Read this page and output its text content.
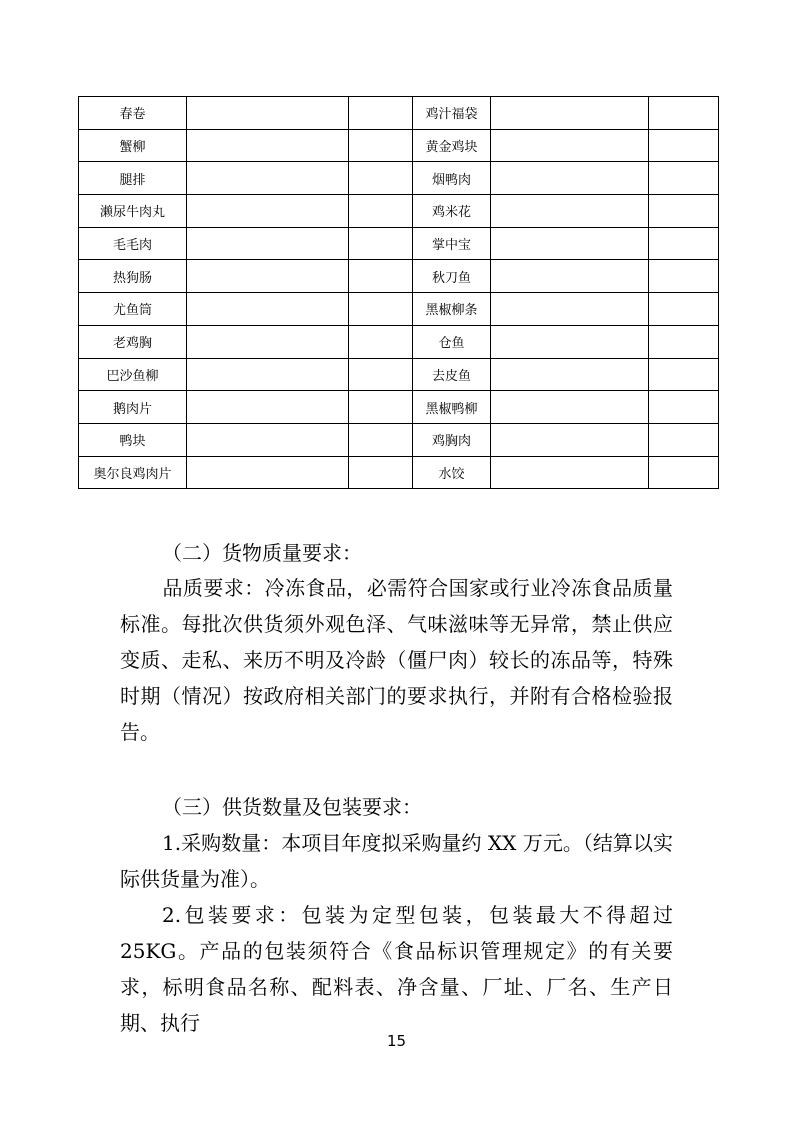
春卷			鸡汁福袋		
蟹柳			黄金鸡块		
腿排			烟鸭肉		
濑尿牛肉丸			鸡米花		
毛毛肉			掌中宝		
热狗肠			秋刀鱼		
尤鱼筒			黑椒柳条		
老鸡胸			仓鱼		
巴沙鱼柳			去皮鱼		
鹅肉片			黑椒鸭柳		
鸭块			鸡胸肉		
奥尔良鸡肉片			水饺		

（二）货物质量要求：

品质要求：冷冻食品，必需符合国家或行业冷冻食品质量标准。每批次供货须外观色泽、气味滋味等无异常，禁止供应变质、走私、来历不明及冷龄（僵尸肉）较长的冻品等，特殊时期（情况）按政府相关部门的要求执行，并附有合格检验报告。

（三）供货数量及包装要求：

1.采购数量：本项目年度拟采购量约 XX 万元。（结算以实际供货量为准）。

2.包装要求：包装为定型包装，包装最大不得超过 25KG。产品的包装须符合《食品标识管理规定》的有关要求，标明食品名称、配料表、净含量、厂址、厂名、生产日期、执行

15
